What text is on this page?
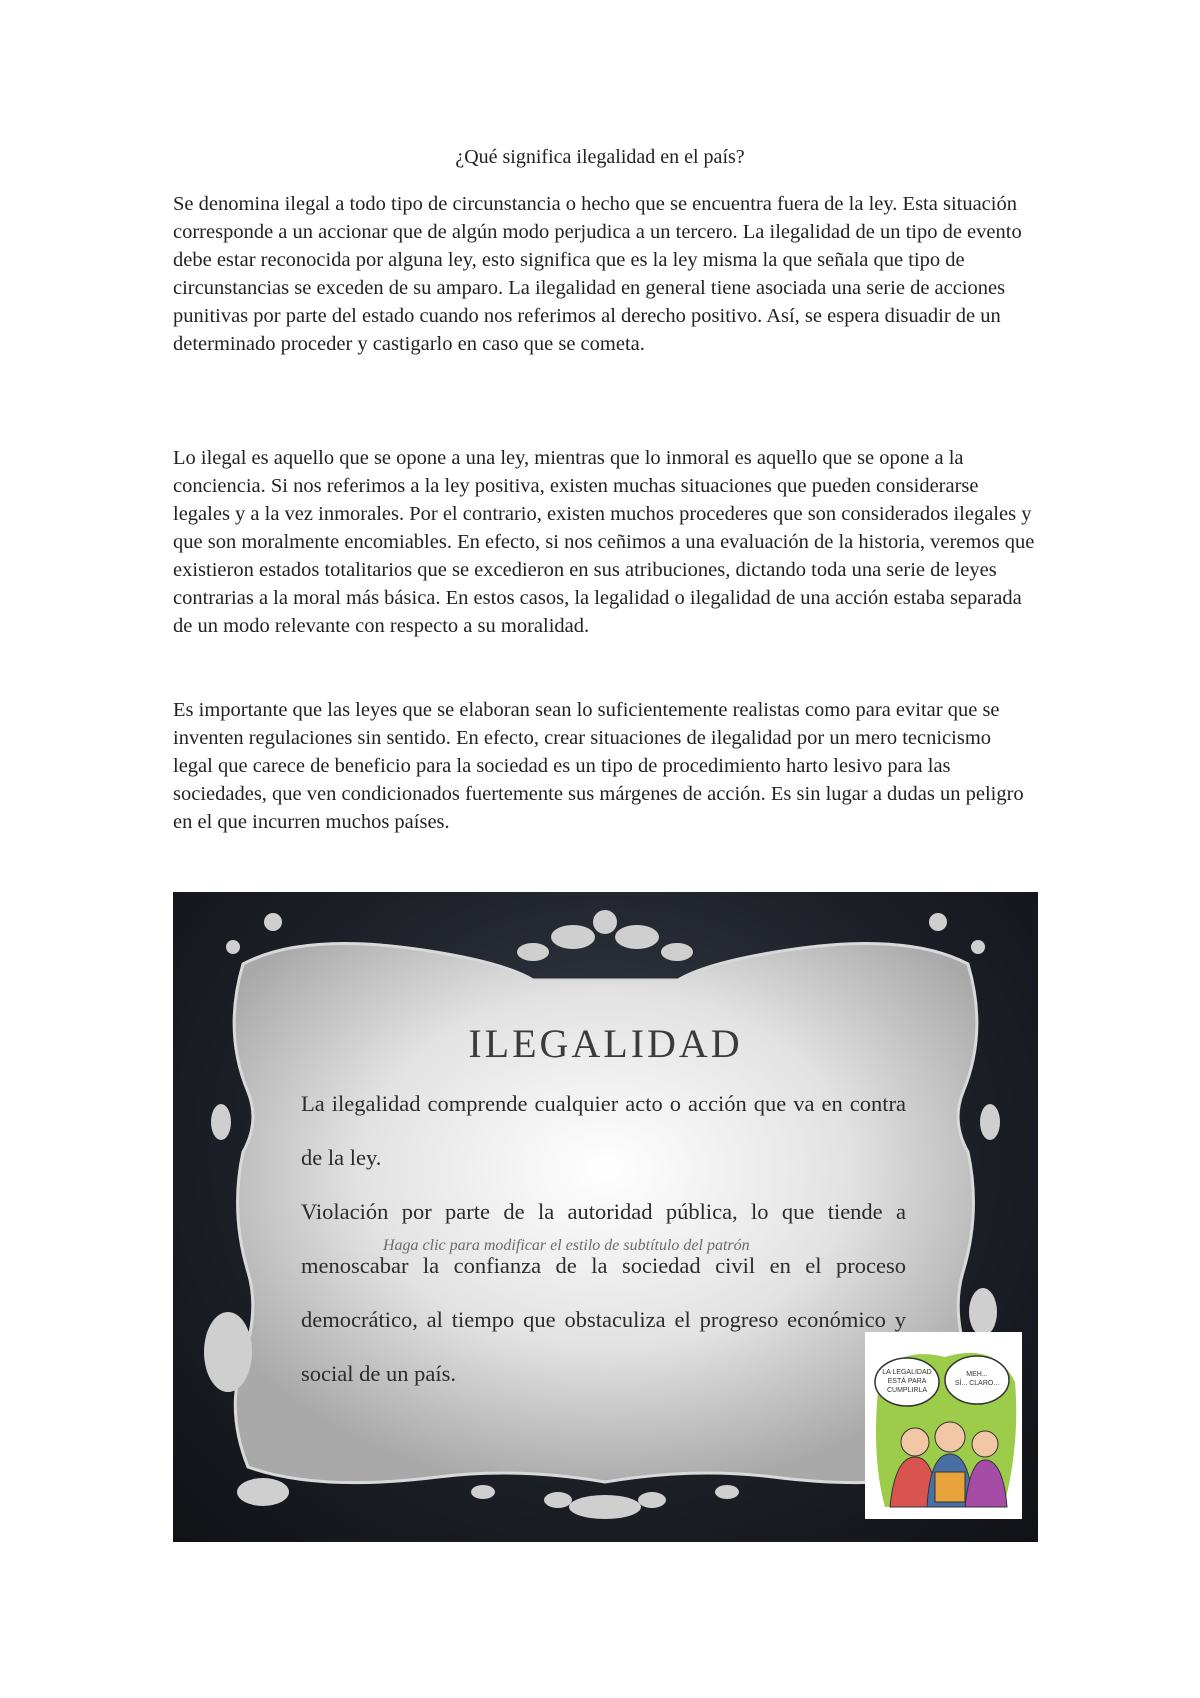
¿Qué significa ilegalidad en el país?

Se denomina ilegal a todo tipo de circunstancia o hecho que se encuentra fuera de la ley. Esta situación corresponde a un accionar que de algún modo perjudica a un tercero. La ilegalidad de un tipo de evento debe estar reconocida por alguna ley, esto significa que es la ley misma la que señala que tipo de circunstancias se exceden de su amparo. La ilegalidad en general tiene asociada una serie de acciones punitivas por parte del estado cuando nos referimos al derecho positivo. Así, se espera disuadir de un determinado proceder y castigarlo en caso que se cometa.

Lo ilegal es aquello que se opone a una ley, mientras que lo inmoral es aquello que se opone a la conciencia. Si nos referimos a la ley positiva, existen muchas situaciones que pueden considerarse legales y a la vez inmorales. Por el contrario, existen muchos procederes que son considerados ilegales y que son moralmente encomiables. En efecto, si nos ceñimos a una evaluación de la historia, veremos que existieron estados totalitarios que se excedieron en sus atribuciones, dictando toda una serie de leyes contrarias a la moral más básica. En estos casos, la legalidad o ilegalidad de una acción estaba separada de un modo relevante con respecto a su moralidad.

Es importante que las leyes que se elaboran sean lo suficientemente realistas como para evitar que se inventen regulaciones sin sentido. En efecto, crear situaciones de ilegalidad por un mero tecnicismo legal que carece de beneficio para la sociedad es un tipo de procedimiento harto lesivo para las sociedades, que ven condicionados fuertemente sus márgenes de acción. Es sin lugar a dudas un peligro en el que incurren muchos países.

ILEGALIDAD

La ilegalidad comprende cualquier acto o acción que va en contra de la ley.

Violación por parte de la autoridad pública, lo que tiende a menoscabar la confianza de la sociedad civil en el proceso democrático, al tiempo que obstaculiza el progreso económico y social de un país.

Haga clic para modificar el estilo de subtítulo del patrón
LA LEGALIDAD ESTÁ PARA CUMPLIRLA
MEH... SÍ... CLARO...
